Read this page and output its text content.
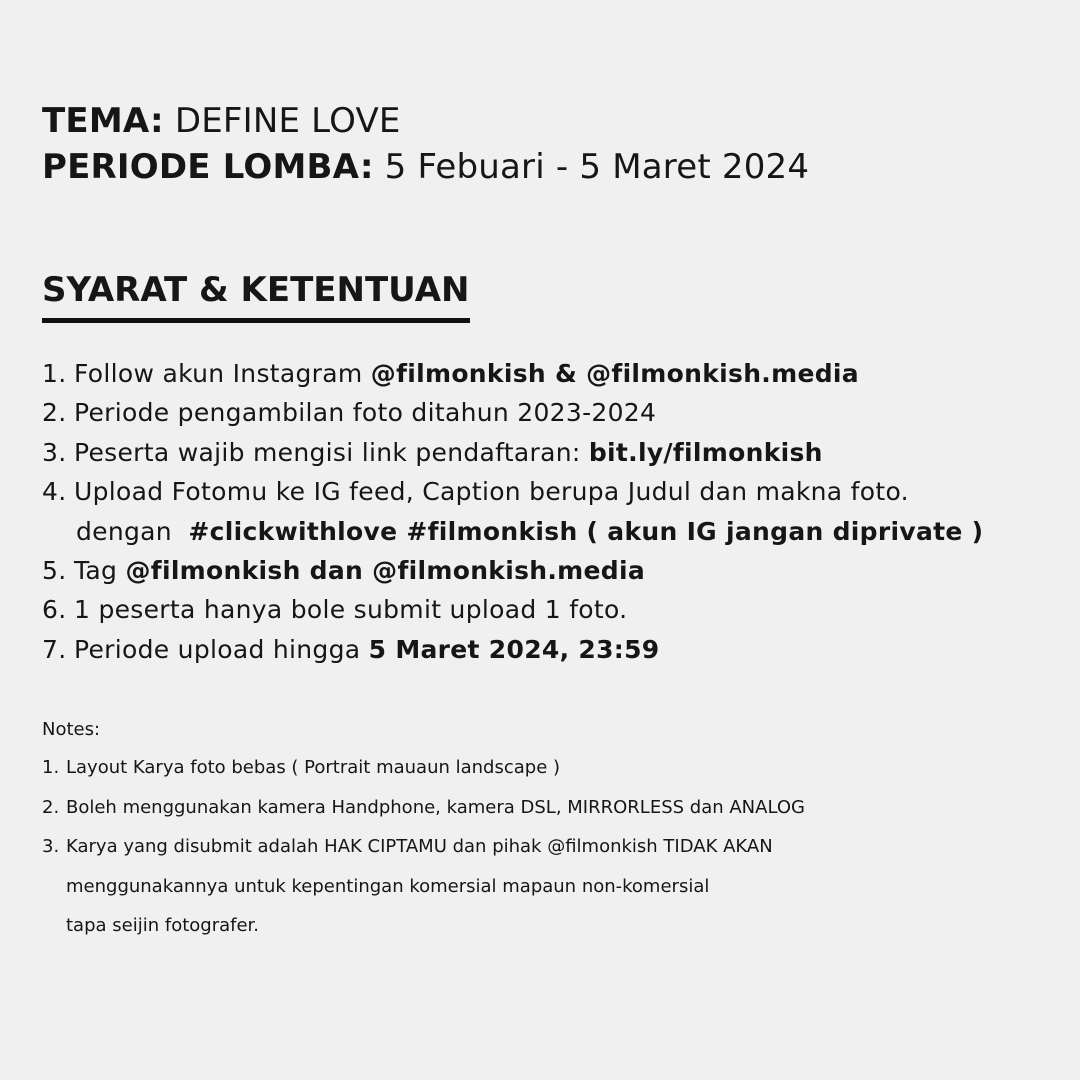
TEMA: DEFINE LOVE
PERIODE LOMBA: 5 Febuari - 5 Maret 2024
SYARAT & KETENTUAN
1. Follow akun Instagram @filmonkish & @filmonkish.media
2. Periode pengambilan foto ditahun 2023-2024
3. Peserta wajib mengisi link pendaftaran: bit.ly/filmonkish
4. Upload Fotomu ke IG feed, Caption berupa Judul dan makna foto.
dengan  #clickwithlove #filmonkish ( akun IG jangan diprivate )
5. Tag @filmonkish dan @filmonkish.media
6. 1 peserta hanya bole submit upload 1 foto.
7. Periode upload hingga 5 Maret 2024, 23:59
Notes:
1. Layout Karya foto bebas ( Portrait mauaun landscape )
2. Boleh menggunakan kamera Handphone, kamera DSL, MIRRORLESS dan ANALOG
3. Karya yang disubmit adalah HAK CIPTAMU dan pihak @filmonkish TIDAK AKAN
menggunakannya untuk kepentingan komersial mapaun non-komersial
tapa seijin fotografer.
